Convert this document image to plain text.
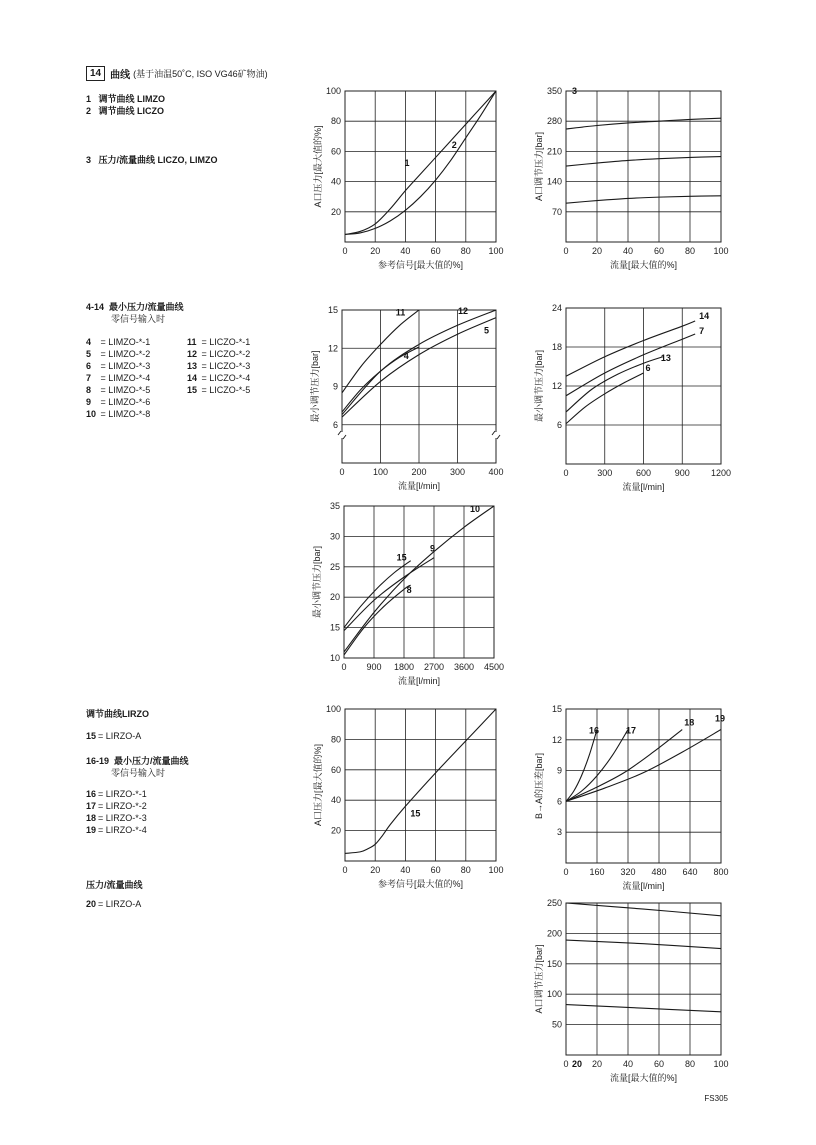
14 曲线 (基于油温50˚C, ISO VG46矿物油)
1 调节曲线 LIMZO
2 调节曲线 LICZO
3 压力/流量曲线 LICZO, LIMZO
4-14 最小压力/流量曲线
零信号输入时
4 = LIMZO-*-1
5 = LIMZO-*-2
6 = LIMZO-*-3
7 = LIMZO-*-4
8 = LIMZO-*-5
9 = LIMZO-*-6
10 = LIMZO-*-8
11 = LICZO-*-1
12 = LICZO-*-2
13 = LICZO-*-3
14 = LICZO-*-4
15 = LICZO-*-5
调节曲线LIRZO
15 = LIRZO-A
16-19 最小压力/流量曲线
零信号输入时
16 = LIRZO-*-1
17 = LIRZO-*-2
18 = LIRZO-*-3
19 = LIRZO-*-4
压力/流量曲线
20 = LIRZO-A
0	20 40 60 80 100
20
40
60
80
100
参考信号[最大值的%]
A口压力[最大值的%]	1
2
0	20 40 60 80 100
70
140
210
280
350
流量[最大值的%]
A口调节压力[bar]
3
0	100	200	300	400
6
9
12
15
流量[l/min]
最小调节压力[bar]
11
4
12
5
0	300	600	900 1200
6
12
18
24
流量[l/min]
最小调节压力[bar]
14
7
13
6
0 900 1800 2700 3600 4500
10
15
20
25
30
35
流量[l/min]
最小调节压力[bar]
10
15
9
8
0	20 40 60 80 100
20
40
60
80
100
参考信号[最大值的%]
A口压力[最大值的%]	15
0 160 320 480 640 800
3
6
9
12
15
流量[l/min]
B→A的压差[bar]
16	17
18 19
0	20 40 60 80 100
50
100
150
200
250
流量[最大值的%]
A口调节压力[bar]
20
FS305
